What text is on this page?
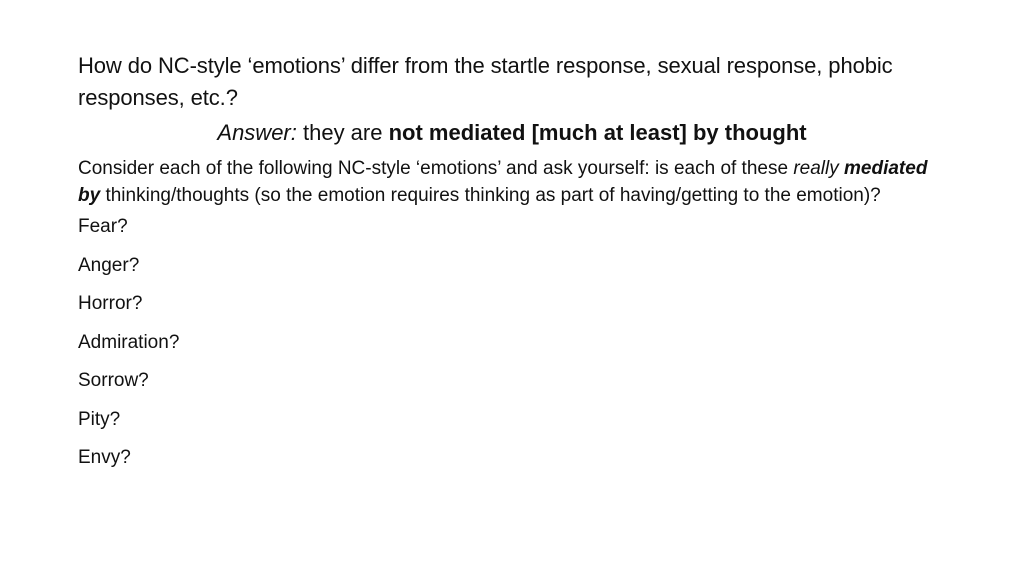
How do NC-style ‘emotions’ differ from the startle response, sexual response, phobic responses, etc.?

Answer: they are not mediated [much at least] by thought

Consider each of the following NC-style ‘emotions’ and ask yourself: is each of these really mediated by thinking/thoughts (so the emotion requires thinking as part of having/getting to the emotion)?

Fear?
Anger?
Horror?
Admiration?
Sorrow?
Pity?
Envy?
